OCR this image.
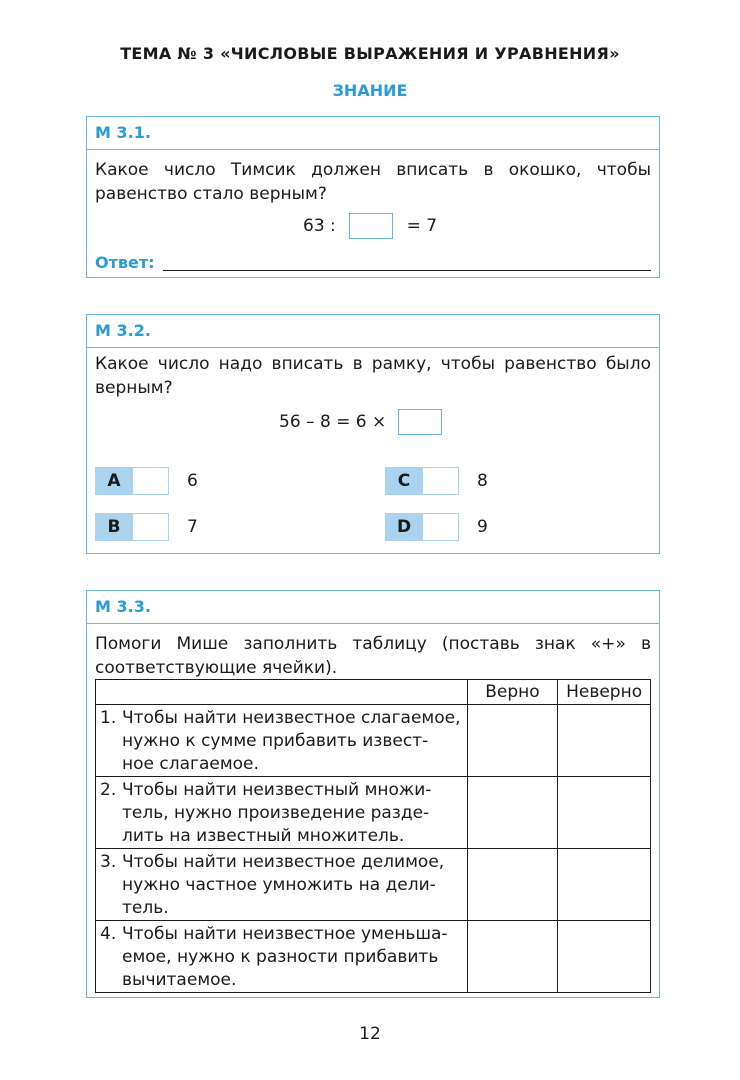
ТЕМА № 3 «ЧИСЛОВЫЕ ВЫРАЖЕНИЯ И УРАВНЕНИЯ»
ЗНАНИЕ
М 3.1.
Какое число Тимсик должен вписать в окошко, чтобы равенство стало верным?
63 :	= 7
Ответ:
М 3.2.
Какое число надо вписать в рамку, чтобы равенство было верным?
56 – 8 = 6 ×
A	6
B	7
C	8
D	9
М 3.3.
Помоги Мише заполнить таблицу (поставь знак «+» в соответствующие ячейки).
	Верно	Неверно

1. Чтобы найти неизвестное слагаемое,
нужно к сумме прибавить извест-
ное слагаемое.		

2. Чтобы найти неизвестный множи-
тель, нужно произведение разде-
лить на известный множитель.		

3. Чтобы найти неизвестное делимое,
нужно частное умножить на дели-
тель.		

4. Чтобы найти неизвестное уменьша-
емое, нужно к разности прибавить
вычитаемое.		

12
